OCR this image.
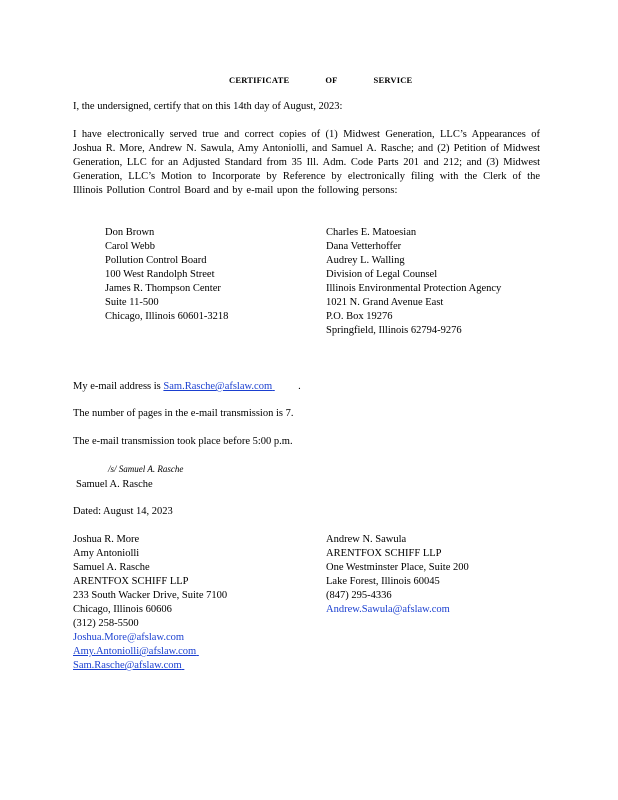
CERTIFICATE	OF	SERVICE
I, the undersigned, certify that on this 14th day of August, 2023:
I have electronically served true and correct copies of (1) Midwest Generation, LLC’s Appearances of Joshua R. More, Andrew N. Sawula, Amy Antoniolli, and Samuel A. Rasche; and (2) Petition of Midwest Generation, LLC for an Adjusted Standard from 35 Ill. Adm. Code Parts 201 and 212; and (3) Midwest Generation, LLC’s Motion to Incorporate by Reference by electronically filing with the Clerk of the Illinois Pollution Control Board and by e-mail upon the following persons:
Don Brown
Carol Webb
Pollution Control Board
100 West Randolph Street
James R. Thompson Center
Suite 11-500
Chicago, Illinois 60601-3218
Charles E. Matoesian
Dana Vetterhoffer
Audrey L. Walling
Division of Legal Counsel
Illinois Environmental Protection Agency
1021 N. Grand Avenue East
P.O. Box 19276
Springfield, Illinois 62794-9276
My e-mail address is Sam.Rasche@afslaw.com .
The number of pages in the e-mail transmission is 7.
The e-mail transmission took place before 5:00 p.m.
/s/ Samuel A. Rasche
Samuel A. Rasche
Dated: August 14, 2023
Joshua R. More
Amy Antoniolli
Samuel A. Rasche
ARENTFOX SCHIFF LLP
233 South Wacker Drive, Suite 7100
Chicago, Illinois 60606
(312) 258-5500
Joshua.More@afslaw.com
Amy.Antoniolli@afslaw.com
Sam.Rasche@afslaw.com
Andrew N. Sawula
ARENTFOX SCHIFF LLP
One Westminster Place, Suite 200
Lake Forest, Illinois 60045
(847) 295-4336
Andrew.Sawula@afslaw.com
